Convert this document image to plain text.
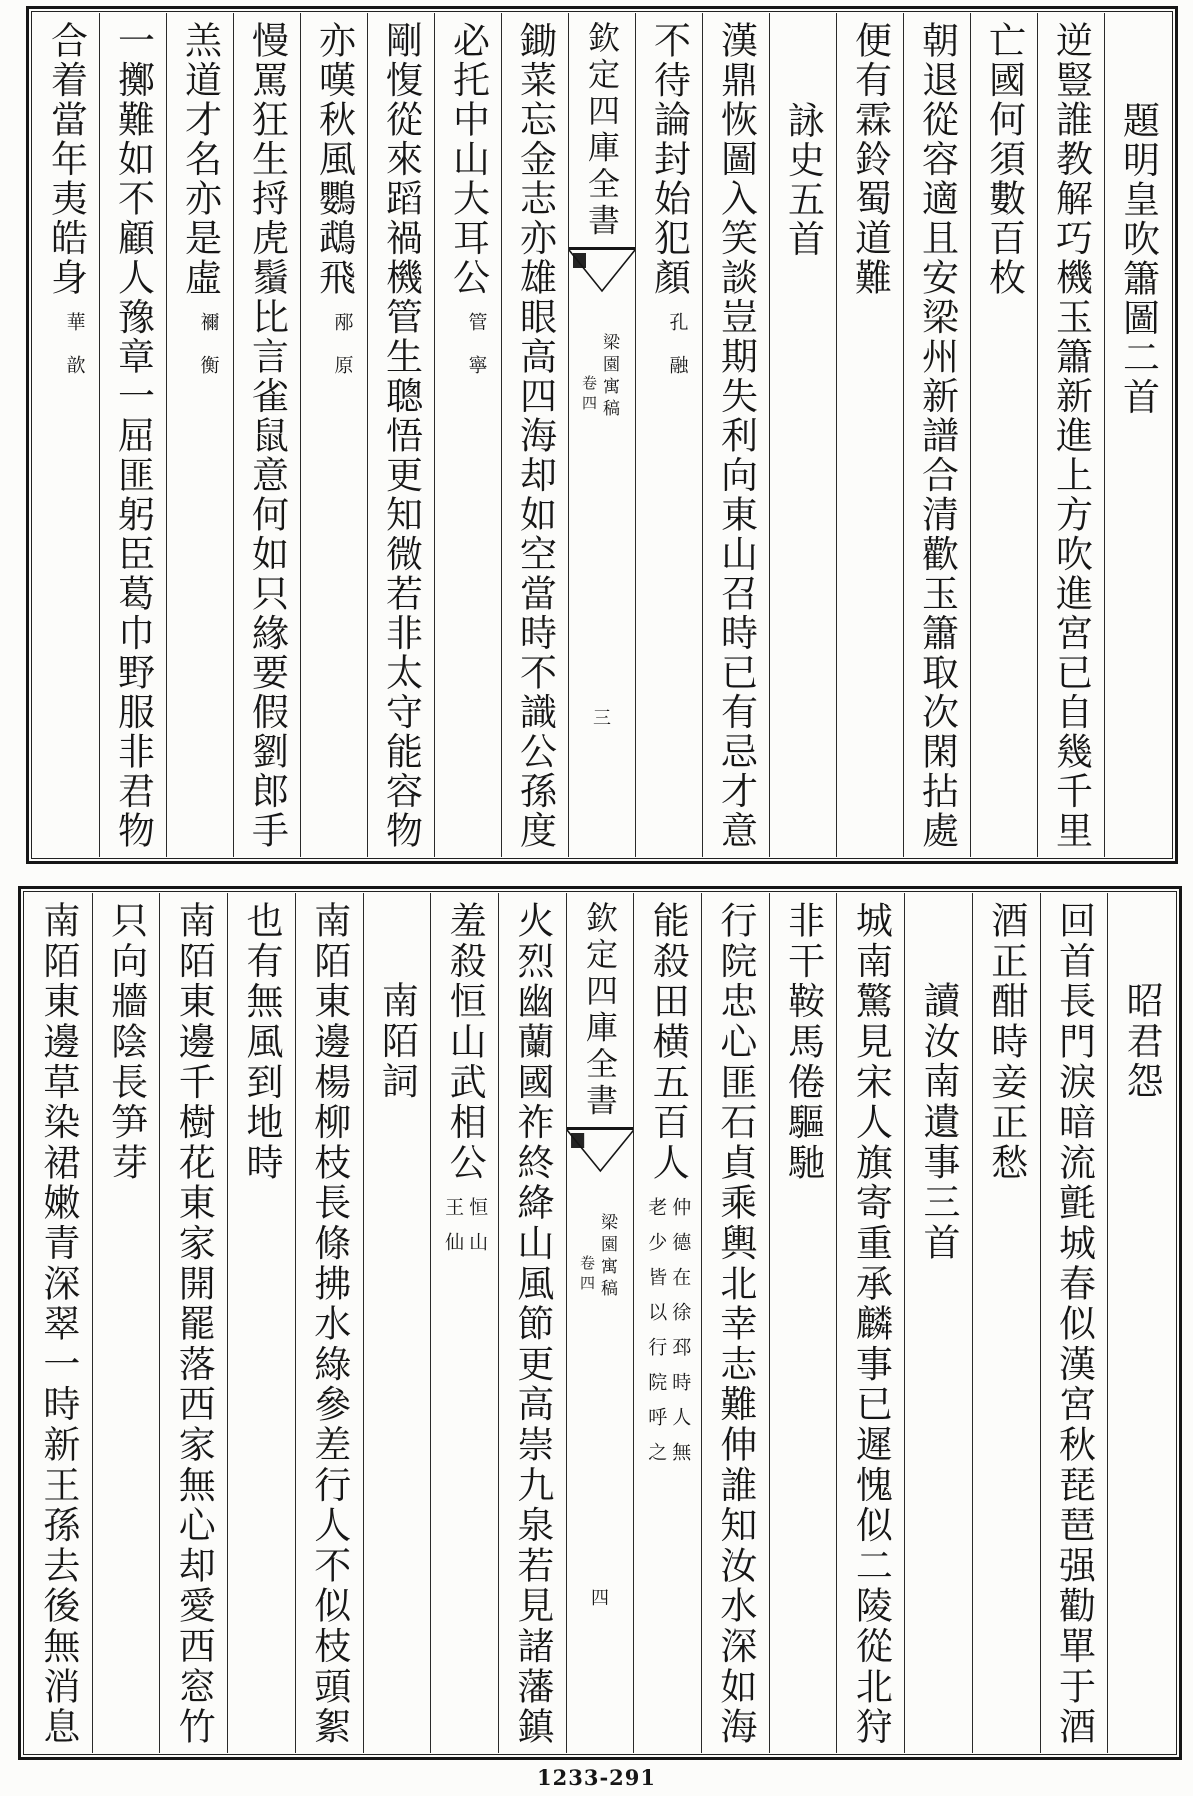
題明皇吹簫圖二首
逆豎誰教解巧機玉簫新進上方吹進宮已自幾千里
亡國何須數百枚
朝退從容適且安梁州新譜合清歡玉簫取次閑拈處
便有霖鈴蜀道難
詠史五首
漢鼎恢圖入笑談豈期失利向東山召時已有忌才意
不待論封始犯顏
孔融
欽定四庫全書
梁園寓稿
卷四
三
鋤菜忘金志亦雄眼高四海却如空當時不識公孫度
必托中山大耳公
管寧
剛愎從來蹈禍機管生聰悟更知微若非太守能容物
亦嘆秋風鸚鵡飛
邴原
慢罵狂生捋虎鬚比言雀鼠意何如只緣要假劉郎手
羔道才名亦是虛
禰衡
一擲難如不顧人豫章一屈匪躬臣葛巾野服非君物
合着當年夷皓身
華歆
昭君怨
回首長門淚暗流氈城春似漢宮秋琵琶强勸單于酒
酒正酣時妾正愁
讀汝南遺事三首
城南驚見宋人旗寄重承麟事已遲愧似二陵從北狩
非干鞍馬倦驅馳
行院忠心匪石貞乘輿北幸志難伸誰知汝水深如海
能殺田横五百人
仲德在徐邳時人無
老少皆以行院呼之
欽定四庫全書
梁園寓稿
卷四
四
火烈幽蘭國祚終絳山風節更高崇九泉若見諸藩鎮
羞殺恒山武相公
恒山
王仙
南陌詞
南陌東邊楊柳枝長條拂水綠參差行人不似枝頭絮
也有無風到地時
南陌東邊千樹花東家開罷落西家無心却愛西窓竹
只向牆陰長笋芽
南陌東邊草染裙嫩青深翠一時新王孫去後無消息
1233-291
